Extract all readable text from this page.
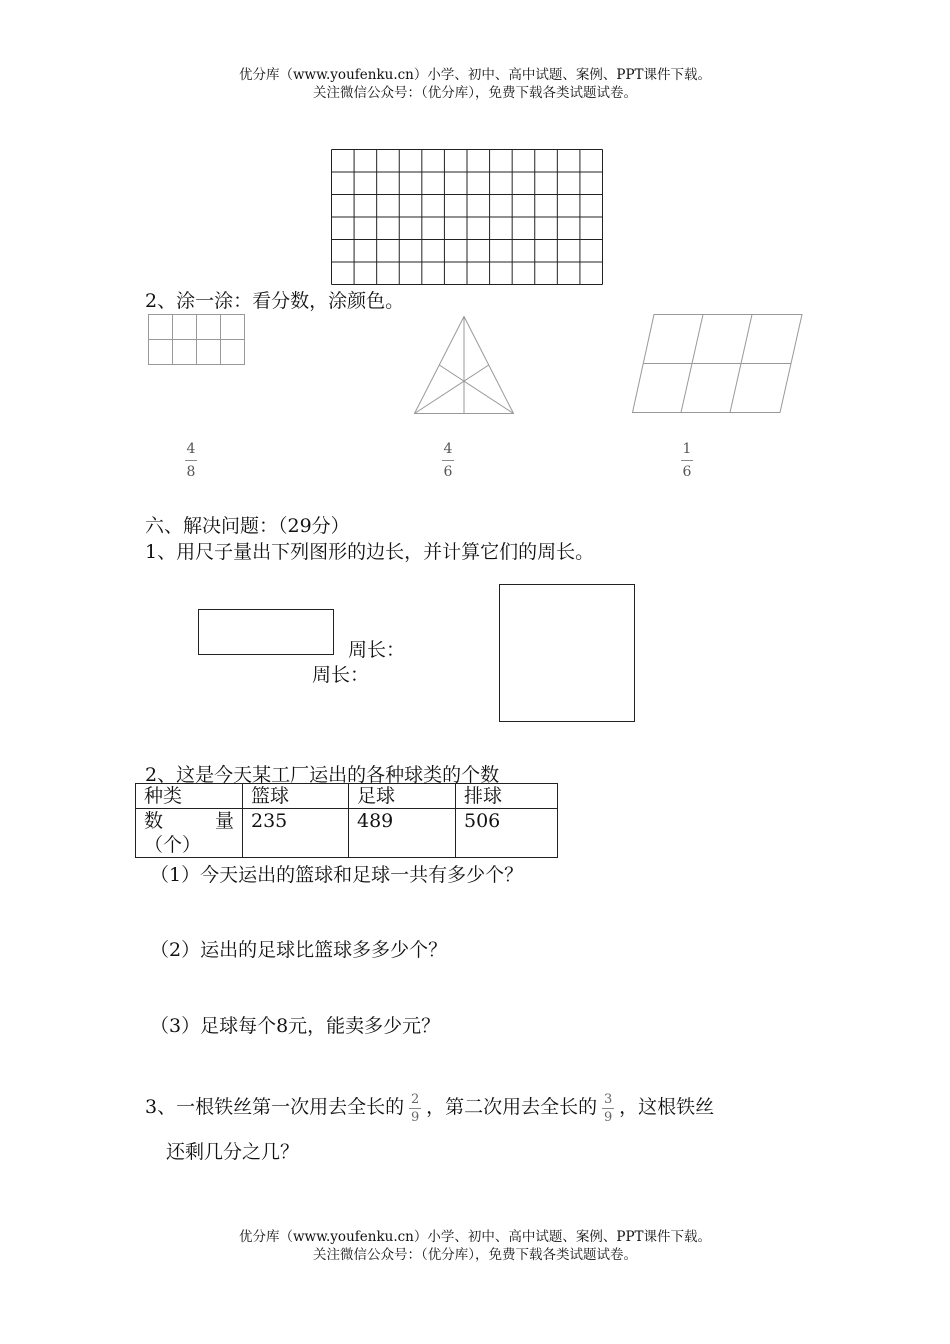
优分库（www.youfenku.cn）小学、初中、高中试题、案例、PPT课件下载。
关注微信公众号：（优分库），免费下载各类试题试卷。
2、涂一涂：看分数，涂颜色。
4
8
4
6
1
6
六、解决问题：（29分）
1、用尺子量出下列图形的边长，并计算它们的周长。
周长：
周长：
2、这是今天某工厂运出的各种球类的个数
种类	篮球	足球	排球

数 量
（个）	235	489	506
（1）今天运出的篮球和足球一共有多少个？
（2）运出的足球比篮球多多少个？
（3）足球每个8元，能卖多少元？
3、一根铁丝第一次用去全长的 $\frac{2}{9}$ ，第二次用去全长的 $\frac{3}{9}$ ，这根铁丝
还剩几分之几？
优分库（www.youfenku.cn）小学、初中、高中试题、案例、PPT课件下载。
关注微信公众号：（优分库），免费下载各类试题试卷。
